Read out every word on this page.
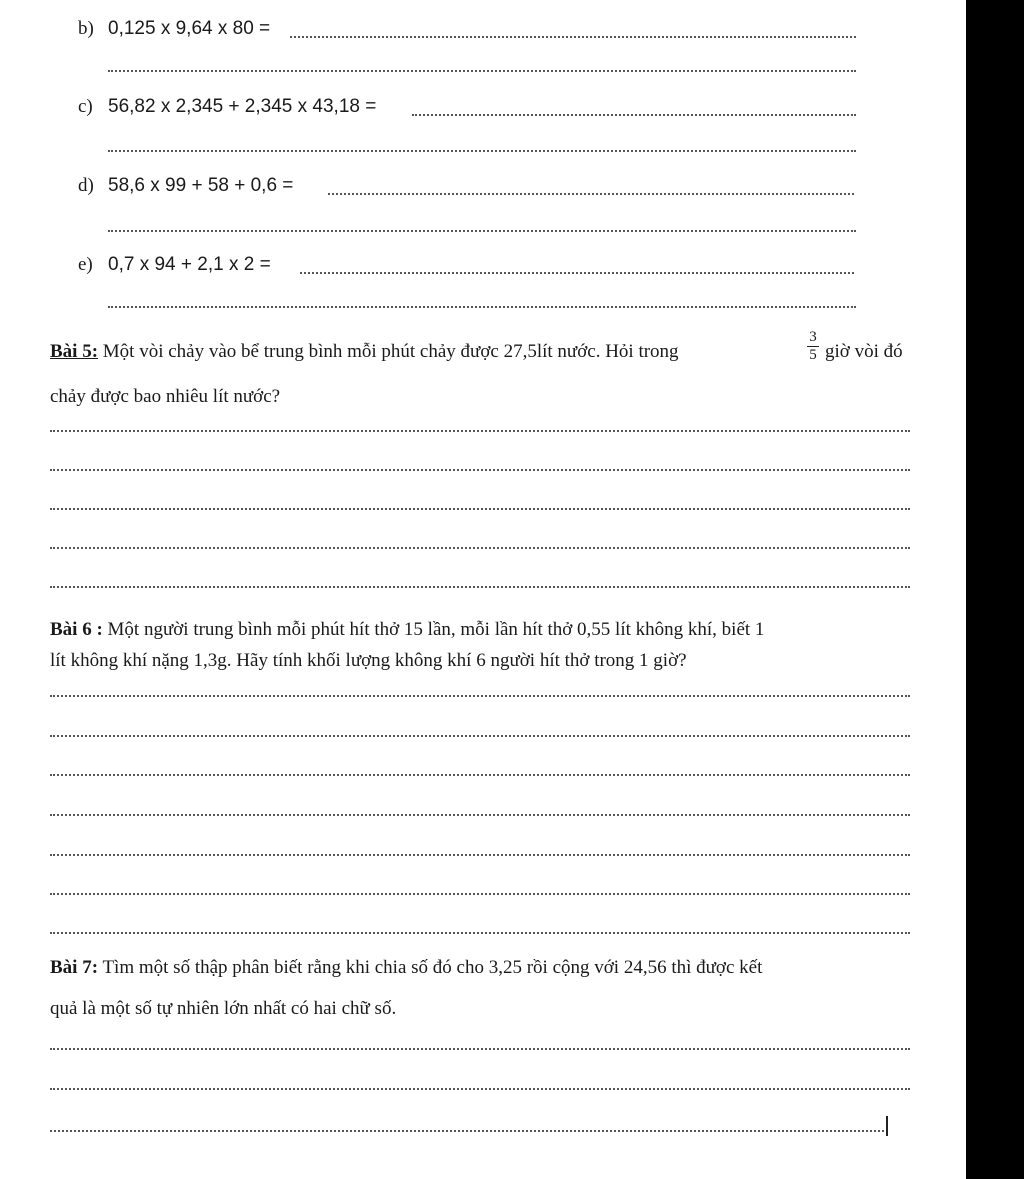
b) 0,125 x 9,64 x 80 =
c) 56,82 x 2,345 + 2,345 x 43,18 =
d) 58,6 x 99 + 58 + 0,6 =
e) 0,7 x 94 + 2,1 x 2 =
Bài 5: Một vòi chảy vào bể trung bình mỗi phút chảy được 27,5lít nước. Hỏi trong
3
5 giờ vòi đó
chảy được bao nhiêu lít nước?
Bài 6 : Một người trung bình mỗi phút hít thở 15 lần, mỗi lần hít thở 0,55 lít không khí, biết 1
lít không khí nặng 1,3g. Hãy tính khối lượng không khí 6 người hít thở trong 1 giờ?
Bài 7: Tìm một số thập phân biết rằng khi chia số đó cho 3,25 rồi cộng với 24,56 thì được kết
quả là một số tự nhiên lớn nhất có hai chữ số.
